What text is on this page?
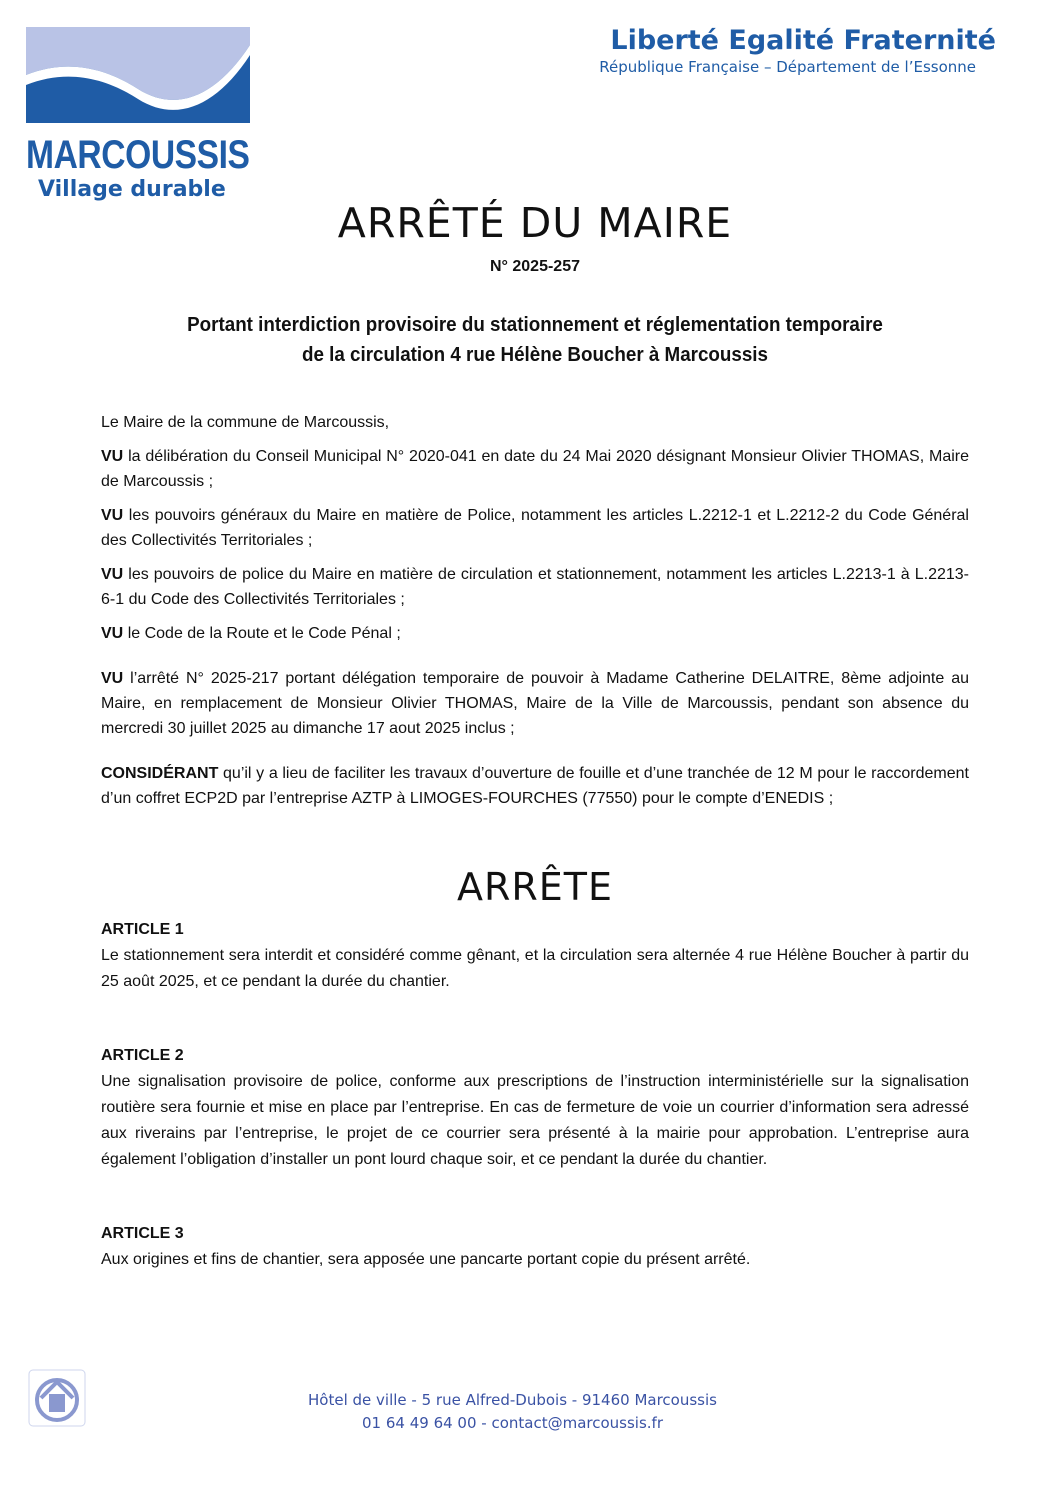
MARCOUSSIS
Village durable
Liberté Egalité Fraternité
République Française – Département de l’Essonne
ARRÊTÉ DU MAIRE
N° 2025-257
Portant interdiction provisoire du stationnement et réglementation temporaire
de la circulation 4 rue Hélène Boucher à Marcoussis

Le Maire de la commune de Marcoussis,

VU la délibération du Conseil Municipal N° 2020-041 en date du 24 Mai 2020 désignant Monsieur Olivier THOMAS, Maire de Marcoussis ;

VU les pouvoirs généraux du Maire en matière de Police, notamment les articles L.2212-1 et L.2212-2 du Code Général des Collectivités Territoriales ;

VU les pouvoirs de police du Maire en matière de circulation et stationnement, notamment les articles L.2213-1 à L.2213-6-1 du Code des Collectivités Territoriales ;

VU le Code de la Route et le Code Pénal ;

VU l’arrêté N° 2025-217 portant délégation temporaire de pouvoir à Madame Catherine DELAITRE, 8ème adjointe au Maire, en remplacement de Monsieur Olivier THOMAS, Maire de la Ville de Marcoussis, pendant son absence du mercredi 30 juillet 2025 au dimanche 17 aout 2025 inclus ;

CONSIDÉRANT qu’il y a lieu de faciliter les travaux d’ouverture de fouille et d’une tranchée de 12 M pour le raccordement d’un coffret ECP2D par l’entreprise AZTP à LIMOGES-FOURCHES (77550) pour le compte d’ENEDIS ;

ARRÊTE
ARTICLE 1

Le stationnement sera interdit et considéré comme gênant, et la circulation sera alternée 4 rue Hélène Boucher à partir du 25 août 2025, et ce pendant la durée du chantier.

ARTICLE 2

Une signalisation provisoire de police, conforme aux prescriptions de l’instruction interministérielle sur la signalisation routière sera fournie et mise en place par l’entreprise. En cas de fermeture de voie un courrier d’information sera adressé aux riverains par l’entreprise, le projet de ce courrier sera présenté à la mairie pour approbation. L’entreprise aura également l’obligation d’installer un pont lourd chaque soir, et ce pendant la durée du chantier.

ARTICLE 3

Aux origines et fins de chantier, sera apposée une pancarte portant copie du présent arrêté.

Hôtel de ville - 5 rue Alfred-Dubois - 91460 Marcoussis
01 64 49 64 00 - contact@marcoussis.fr
